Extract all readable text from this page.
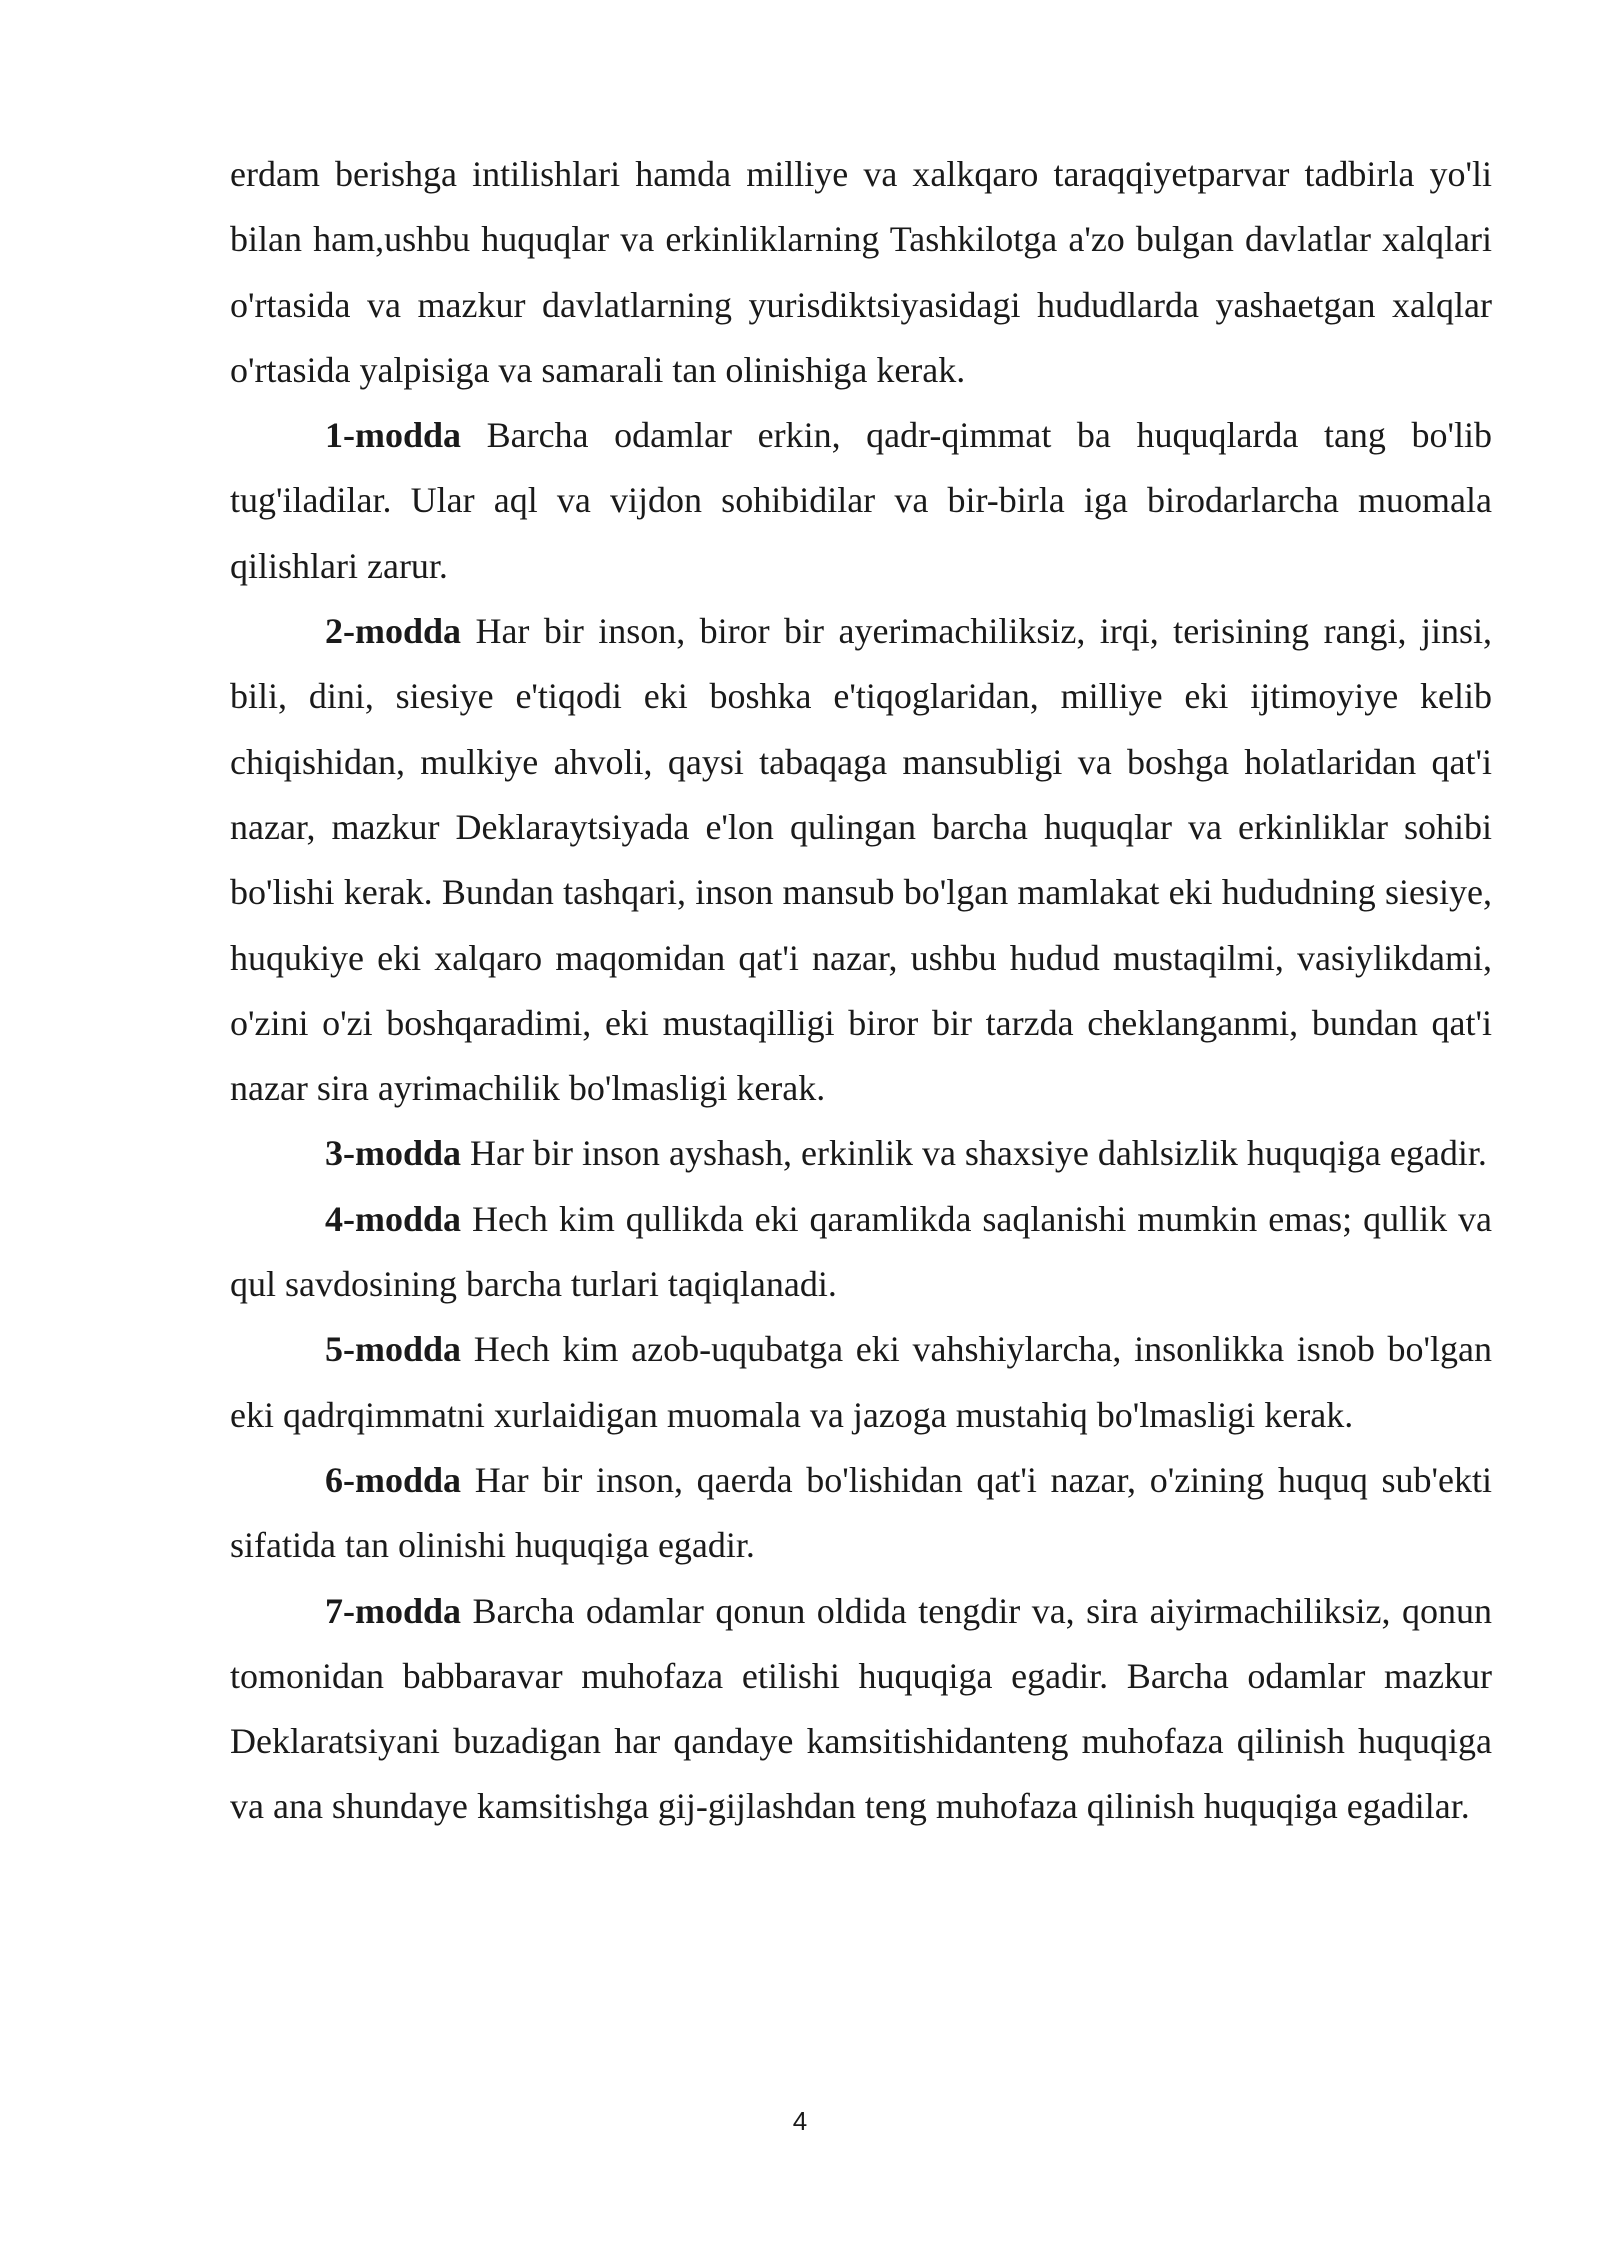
erdam berishga intilishlari hamda milliye va xalkqaro taraqqiyetparvar tadbirla yo'li bilan ham,ushbu huquqlar va erkinliklarning Tashkilotga a'zo bulgan davlatlar xalqlari o'rtasida va mazkur davlatlarning yurisdiktsiyasidagi hududlarda yashaetgan xalqlar o'rtasida yalpisiga va samarali tan olinishiga kerak.

1-modda Barcha odamlar erkin, qadr-qimmat ba huquqlarda tang bo'lib tug'iladilar. Ular aql va vijdon sohibidilar va bir-birla iga birodarlarcha muomala qilishlari zarur.

2-modda Har bir inson, biror bir ayerimachiliksiz, irqi, terisining rangi, jinsi, bili, dini, siesiye e'tiqodi eki boshka e'tiqoglaridan, milliye eki ijtimoyiye kelib chiqishidan, mulkiye ahvoli, qaysi tabaqaga mansubligi va boshga holatlaridan qat'i nazar, mazkur Deklaraytsiyada e'lon qulingan barcha huquqlar va erkinliklar sohibi bo'lishi kerak. Bundan tashqari, inson mansub bo'lgan mamlakat eki hududning siesiye, huqukiye eki xalqaro maqomidan qat'i nazar, ushbu hudud mustaqilmi, vasiylikdami, o'zini o'zi boshqaradimi, eki mustaqilligi biror bir tarzda cheklanganmi, bundan qat'i nazar sira ayrimachilik bo'lmasligi kerak.

3-modda Har bir inson ayshash, erkinlik va shaxsiye dahlsizlik huquqiga egadir.

4-modda Hech kim qullikda eki qaramlikda saqlanishi mumkin emas; qullik va qul savdosining barcha turlari taqiqlanadi.

5-modda Hech kim azob-uqubatga eki vahshiylarcha, insonlikka isnob bo'lgan eki qadrqimmatni xurlaidigan muomala va jazoga mustahiq bo'lmasligi kerak.

6-modda Har bir inson, qaerda bo'lishidan qat'i nazar, o'zining huquq sub'ekti sifatida tan olinishi huquqiga egadir.

7-modda Barcha odamlar qonun oldida tengdir va, sira aiyirmachiliksiz, qonun tomonidan babbaravar muhofaza etilishi huquqiga egadir. Barcha odamlar mazkur Deklaratsiyani buzadigan har qandaye kamsitishidanteng muhofaza qilinish huquqiga va ana shundaye kamsitishga gij-gijlashdan teng muhofaza qilinish huquqiga egadilar.

4
